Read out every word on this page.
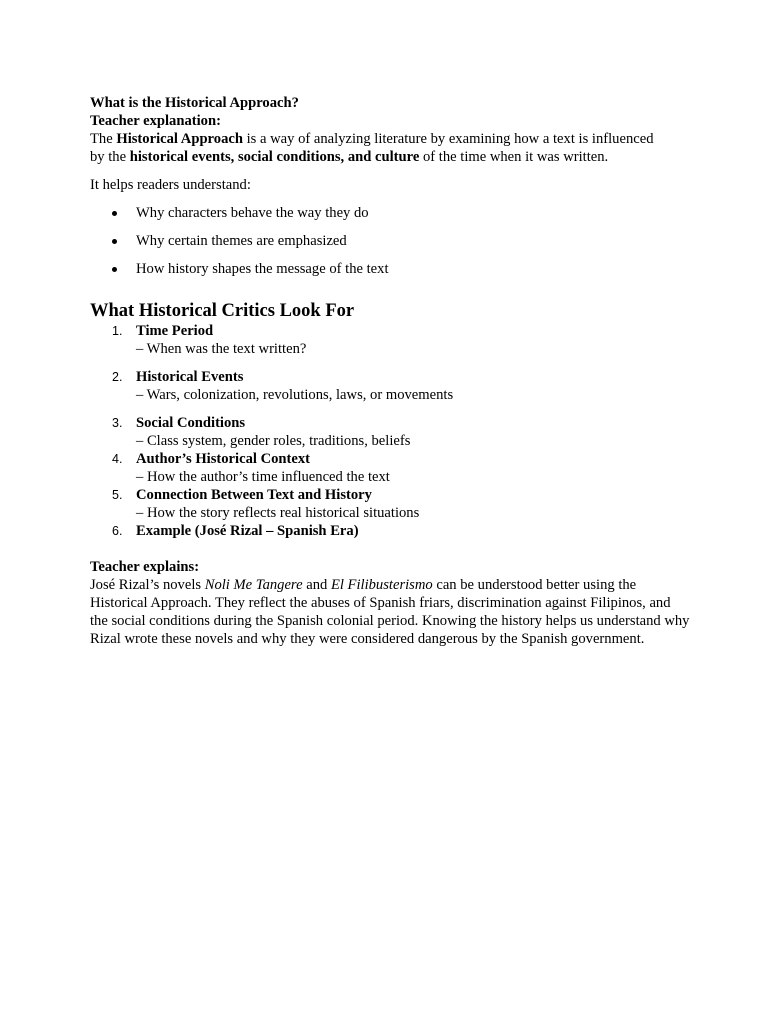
What is the Historical Approach?
Teacher explanation:
The Historical Approach is a way of analyzing literature by examining how a text is influenced
by the historical events, social conditions, and culture of the time when it was written.
It helps readers understand:
Why characters behave the way they do
Why certain themes are emphasized
How history shapes the message of the text
What Historical Critics Look For
1. Time Period
– When was the text written?
2. Historical Events
– Wars, colonization, revolutions, laws, or movements
3. Social Conditions
– Class system, gender roles, traditions, beliefs
4. Author’s Historical Context
– How the author’s time influenced the text
5. Connection Between Text and History
– How the story reflects real historical situations
6. Example (José Rizal – Spanish Era)
Teacher explains:
José Rizal’s novels Noli Me Tangere and El Filibusterismo can be understood better using the Historical Approach. They reflect the abuses of Spanish friars, discrimination against Filipinos, and the social conditions during the Spanish colonial period. Knowing the history helps us understand why Rizal wrote these novels and why they were considered dangerous by the Spanish government.
